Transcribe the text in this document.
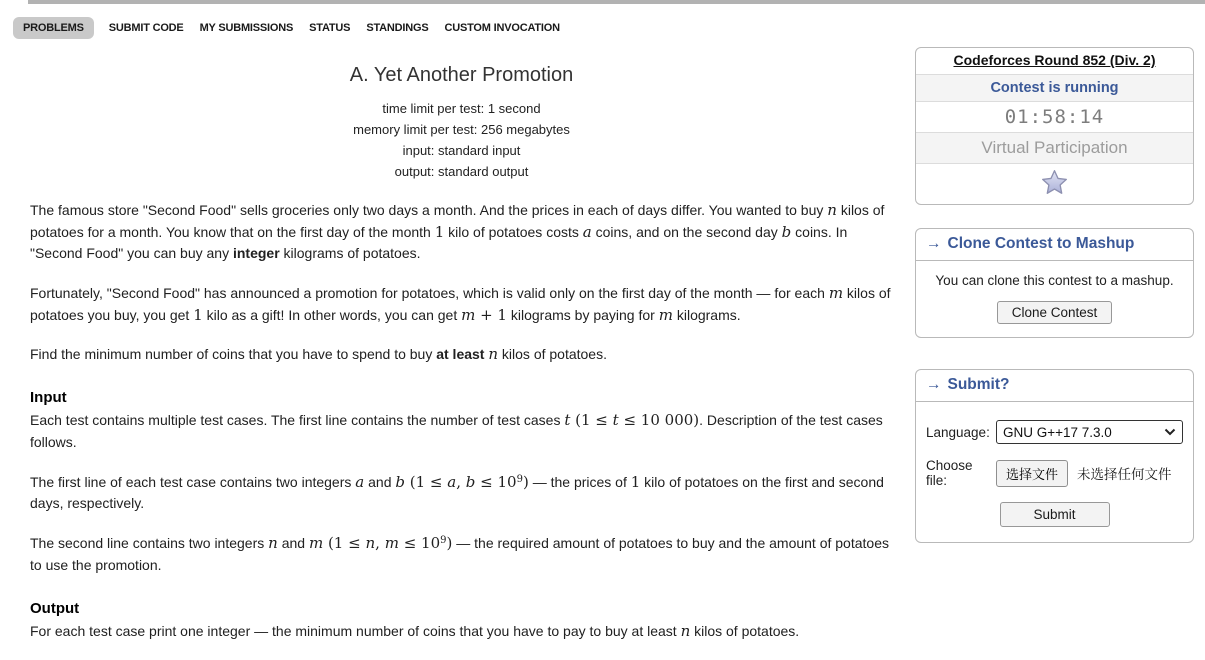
PROBLEMS	SUBMIT CODE MY SUBMISSIONS STATUS STANDINGS CUSTOM INVOCATION
A. Yet Another Promotion
time limit per test: 1 second
memory limit per test: 256 megabytes
input: standard input
output: standard output

The famous store "Second Food" sells groceries only two days a month. And the prices in each of days differ. You wanted to buy n kilos of potatoes for a month. You know that on the first day of the month 1 kilo of potatoes costs a coins, and on the second day b coins. In "Second Food" you can buy any integer kilograms of potatoes.

Fortunately, "Second Food" has announced a promotion for potatoes, which is valid only on the first day of the month — for each m kilos of potatoes you buy, you get 1 kilo as a gift! In other words, you can get m + 1 kilograms by paying for m kilograms.

Find the minimum number of coins that you have to spend to buy at least n kilos of potatoes.

Input

Each test contains multiple test cases. The first line contains the number of test cases t (1 ≤ t ≤ 10 000). Description of the test cases follows.

The first line of each test case contains two integers a and b (1 ≤ a, $b \le 10^9$) — the prices of 1 kilo of potatoes on the first and second days, respectively.

The second line contains two integers n and m (1 ≤ n, $m \le 10^9$) — the required amount of potatoes to buy and the amount of potatoes to use the promotion.

Output

For each test case print one integer — the minimum number of coins that you have to pay to buy at least n kilos of potatoes.

Codeforces Round 852 (Div. 2)
Contest is running
01:58:14
Virtual Participation
→ Clone Contest to Mashup
You can clone this contest to a mashup.
Clone Contest
→ Submit?
Language:
GNU G++17 7.3.0
Choose file:	选择文件	未选择任何文件
Submit
